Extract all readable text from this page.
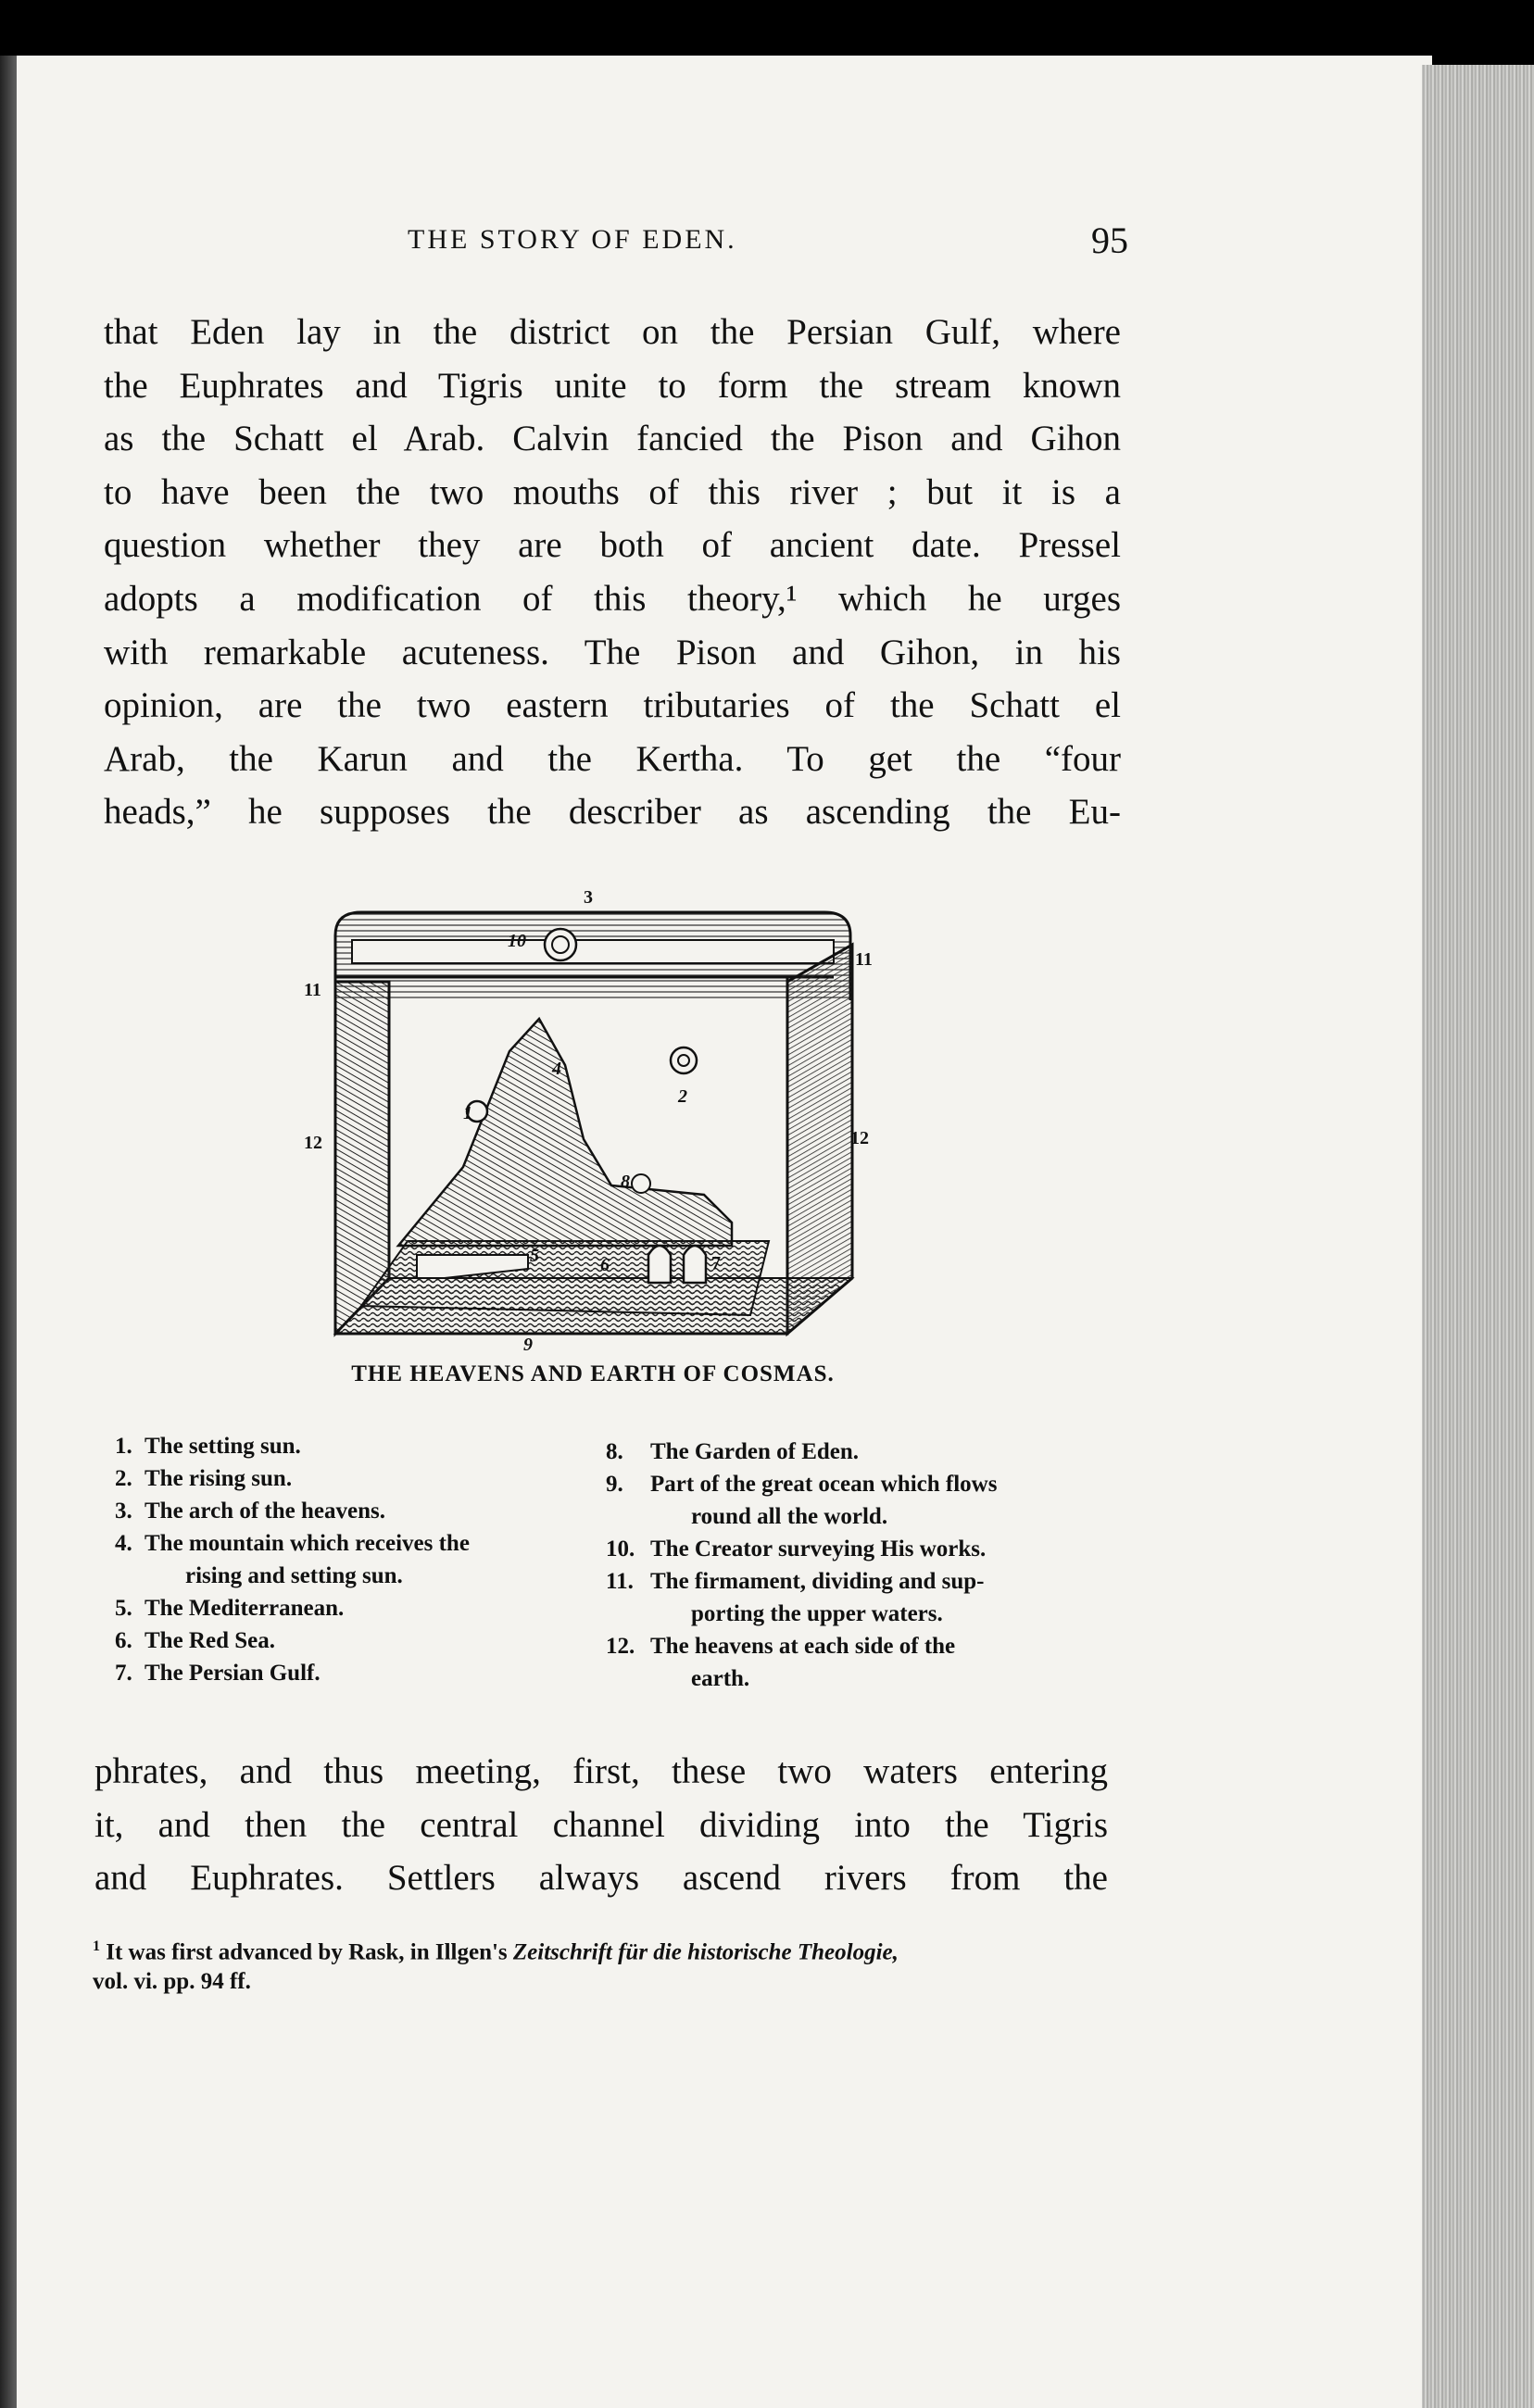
THE STORY OF EDEN.	95
that Eden lay in the district on the Persian Gulf, where
the Euphrates and Tigris unite to form the stream known
as the Schatt el Arab. Calvin fancied the Pison and Gihon
to have been the two mouths of this river ; but it is a
question whether they are both of ancient date. Pressel
adopts a modification of this theory,¹ which he urges
with remarkable acuteness. The Pison and Gihon, in his
opinion, are the two eastern tributaries of the Schatt el
Arab, the Karun and the Kertha. To get the “four
heads,” he supposes the describer as ascending the Eu-
3
10
11
11
12	12
1
2
4
5	6	7
8
9
THE HEAVENS AND EARTH OF COSMAS.
1. The setting sun.
2. The rising sun.
3. The arch of the heavens.
4. The mountain which receives the
rising and setting sun.
5. The Mediterranean.
6. The Red Sea.
7. The Persian Gulf.
8. The Garden of Eden.
9. Part of the great ocean which flows
round all the world.
10. The Creator surveying His works.
11. The firmament, dividing and sup-
porting the upper waters.
12. The heavens at each side of the
earth.
phrates, and thus meeting, first, these two waters entering
it, and then the central channel dividing into the Tigris
and Euphrates. Settlers always ascend rivers from the
$^1$ It was first advanced by Rask, in Illgen's Zeitschrift für die historische Theologie,
vol. vi. pp. 94 ff.
